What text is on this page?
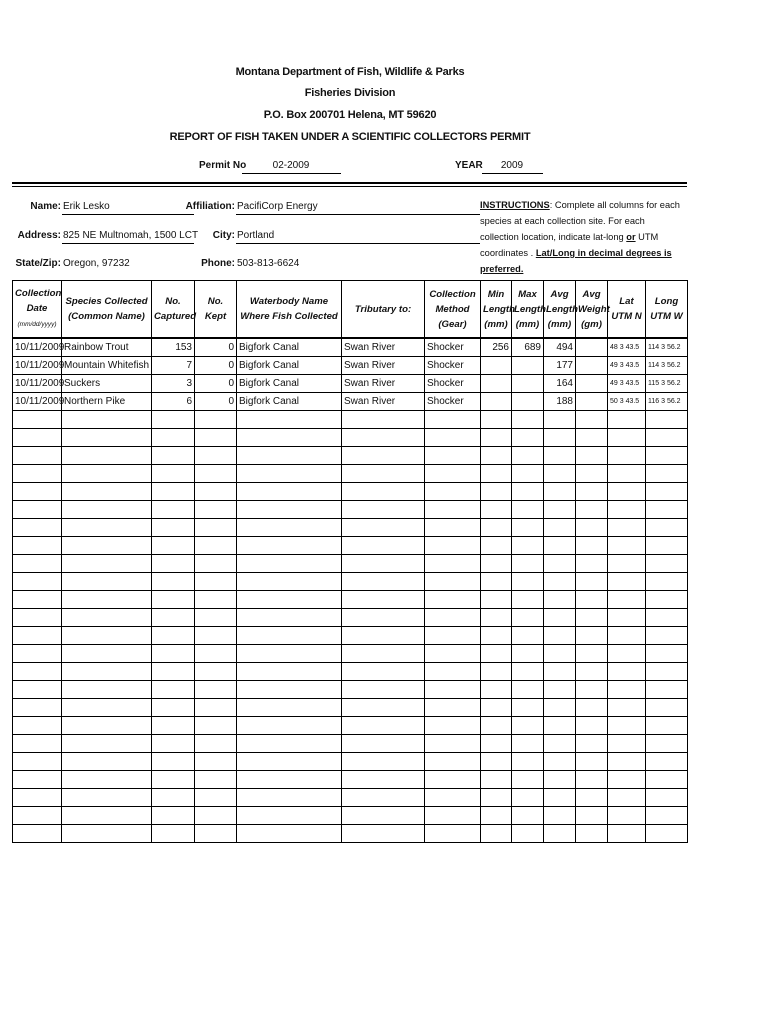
Montana Department of Fish, Wildlife & Parks
Fisheries Division
P.O. Box 200701 Helena, MT 59620
REPORT OF FISH TAKEN UNDER A SCIENTIFIC COLLECTORS PERMIT
Permit No	02-2009	YEAR	2009
Name: Erik Lesko	Affiliation: PacifiCorp Energy
Address: 825 NE Multnomah, 1500 LCT City: Portland
State/Zip: Oregon, 97232	Phone: 503-813-6624
INSTRUCTIONS: Complete all columns for each species at each collection site. For each collection location, indicate lat-long or UTM coordinates . Lat/Long in decimal degrees is preferred.
Collection Date
(mm/dd/yyyy)	Species Collected (Common Name)	No. Captured	No. Kept	Waterbody Name Where Fish Collected	Tributary to:	Collection Method (Gear)	Min Length (mm)	Max Length (mm)	Avg Length (mm)	Avg Weight (gm)	Lat UTM N	Long UTM W
10/11/2009	Rainbow Trout	153	0	Bigfork Canal	Swan River	Shocker	256	689	494		48 3 43.5	114 3 56.2
10/11/2009	Mountain Whitefish	7	0	Bigfork Canal	Swan River	Shocker			177		49 3 43.5	114 3 56.2
10/11/2009	Suckers	3	0	Bigfork Canal	Swan River	Shocker			164		49 3 43.5	115 3 56.2
10/11/2009	Northern Pike	6	0	Bigfork Canal	Swan River	Shocker			188		50 3 43.5	116 3 56.2
